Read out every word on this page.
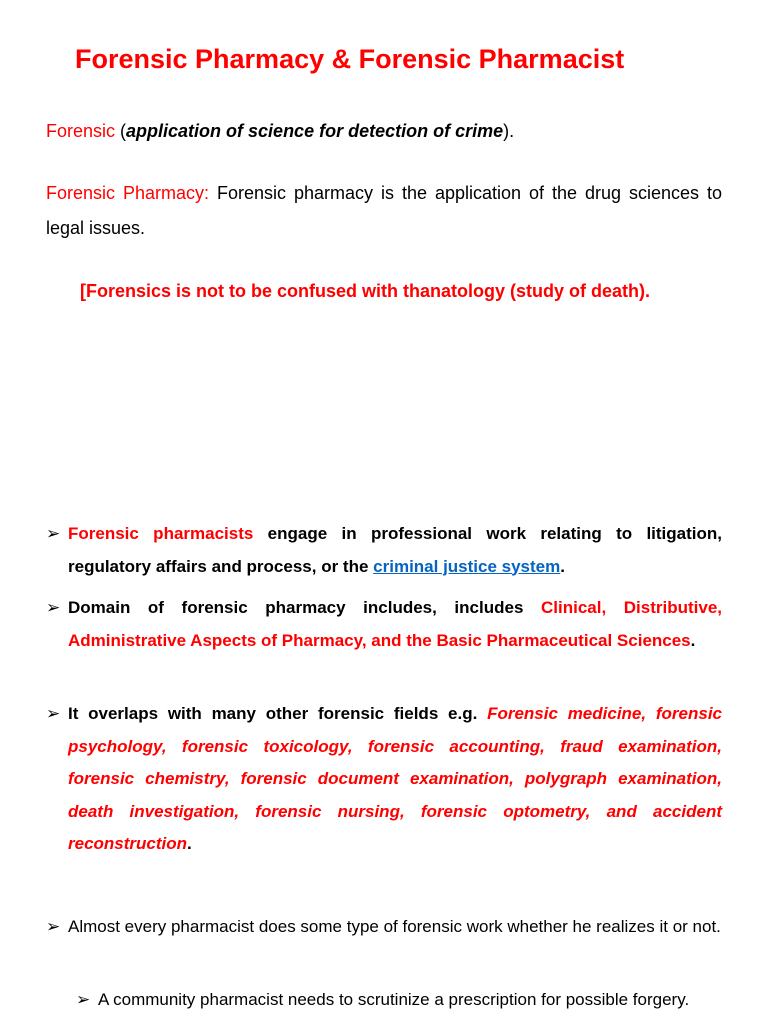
Forensic Pharmacy & Forensic Pharmacist

Forensic (application of science for detection of crime).

Forensic Pharmacy: Forensic pharmacy is the application of the drug sciences to legal issues.

[Forensics is not to be confused with thanatology (study of death).

➢ Forensic pharmacists engage in professional work relating to litigation, regulatory affairs and process, or the criminal justice system.
➢ Domain of forensic pharmacy includes, includes Clinical, Distributive, Administrative Aspects of Pharmacy, and the Basic Pharmaceutical Sciences.
➢ It overlaps with many other forensic fields e.g. Forensic medicine, forensic psychology, forensic toxicology, forensic accounting, fraud examination, forensic chemistry, forensic document examination, polygraph examination, death investigation, forensic nursing, forensic optometry, and accident reconstruction.
➢ Almost every pharmacist does some type of forensic work whether he realizes it or not.
➢ A community pharmacist needs to scrutinize a prescription for possible forgery.
